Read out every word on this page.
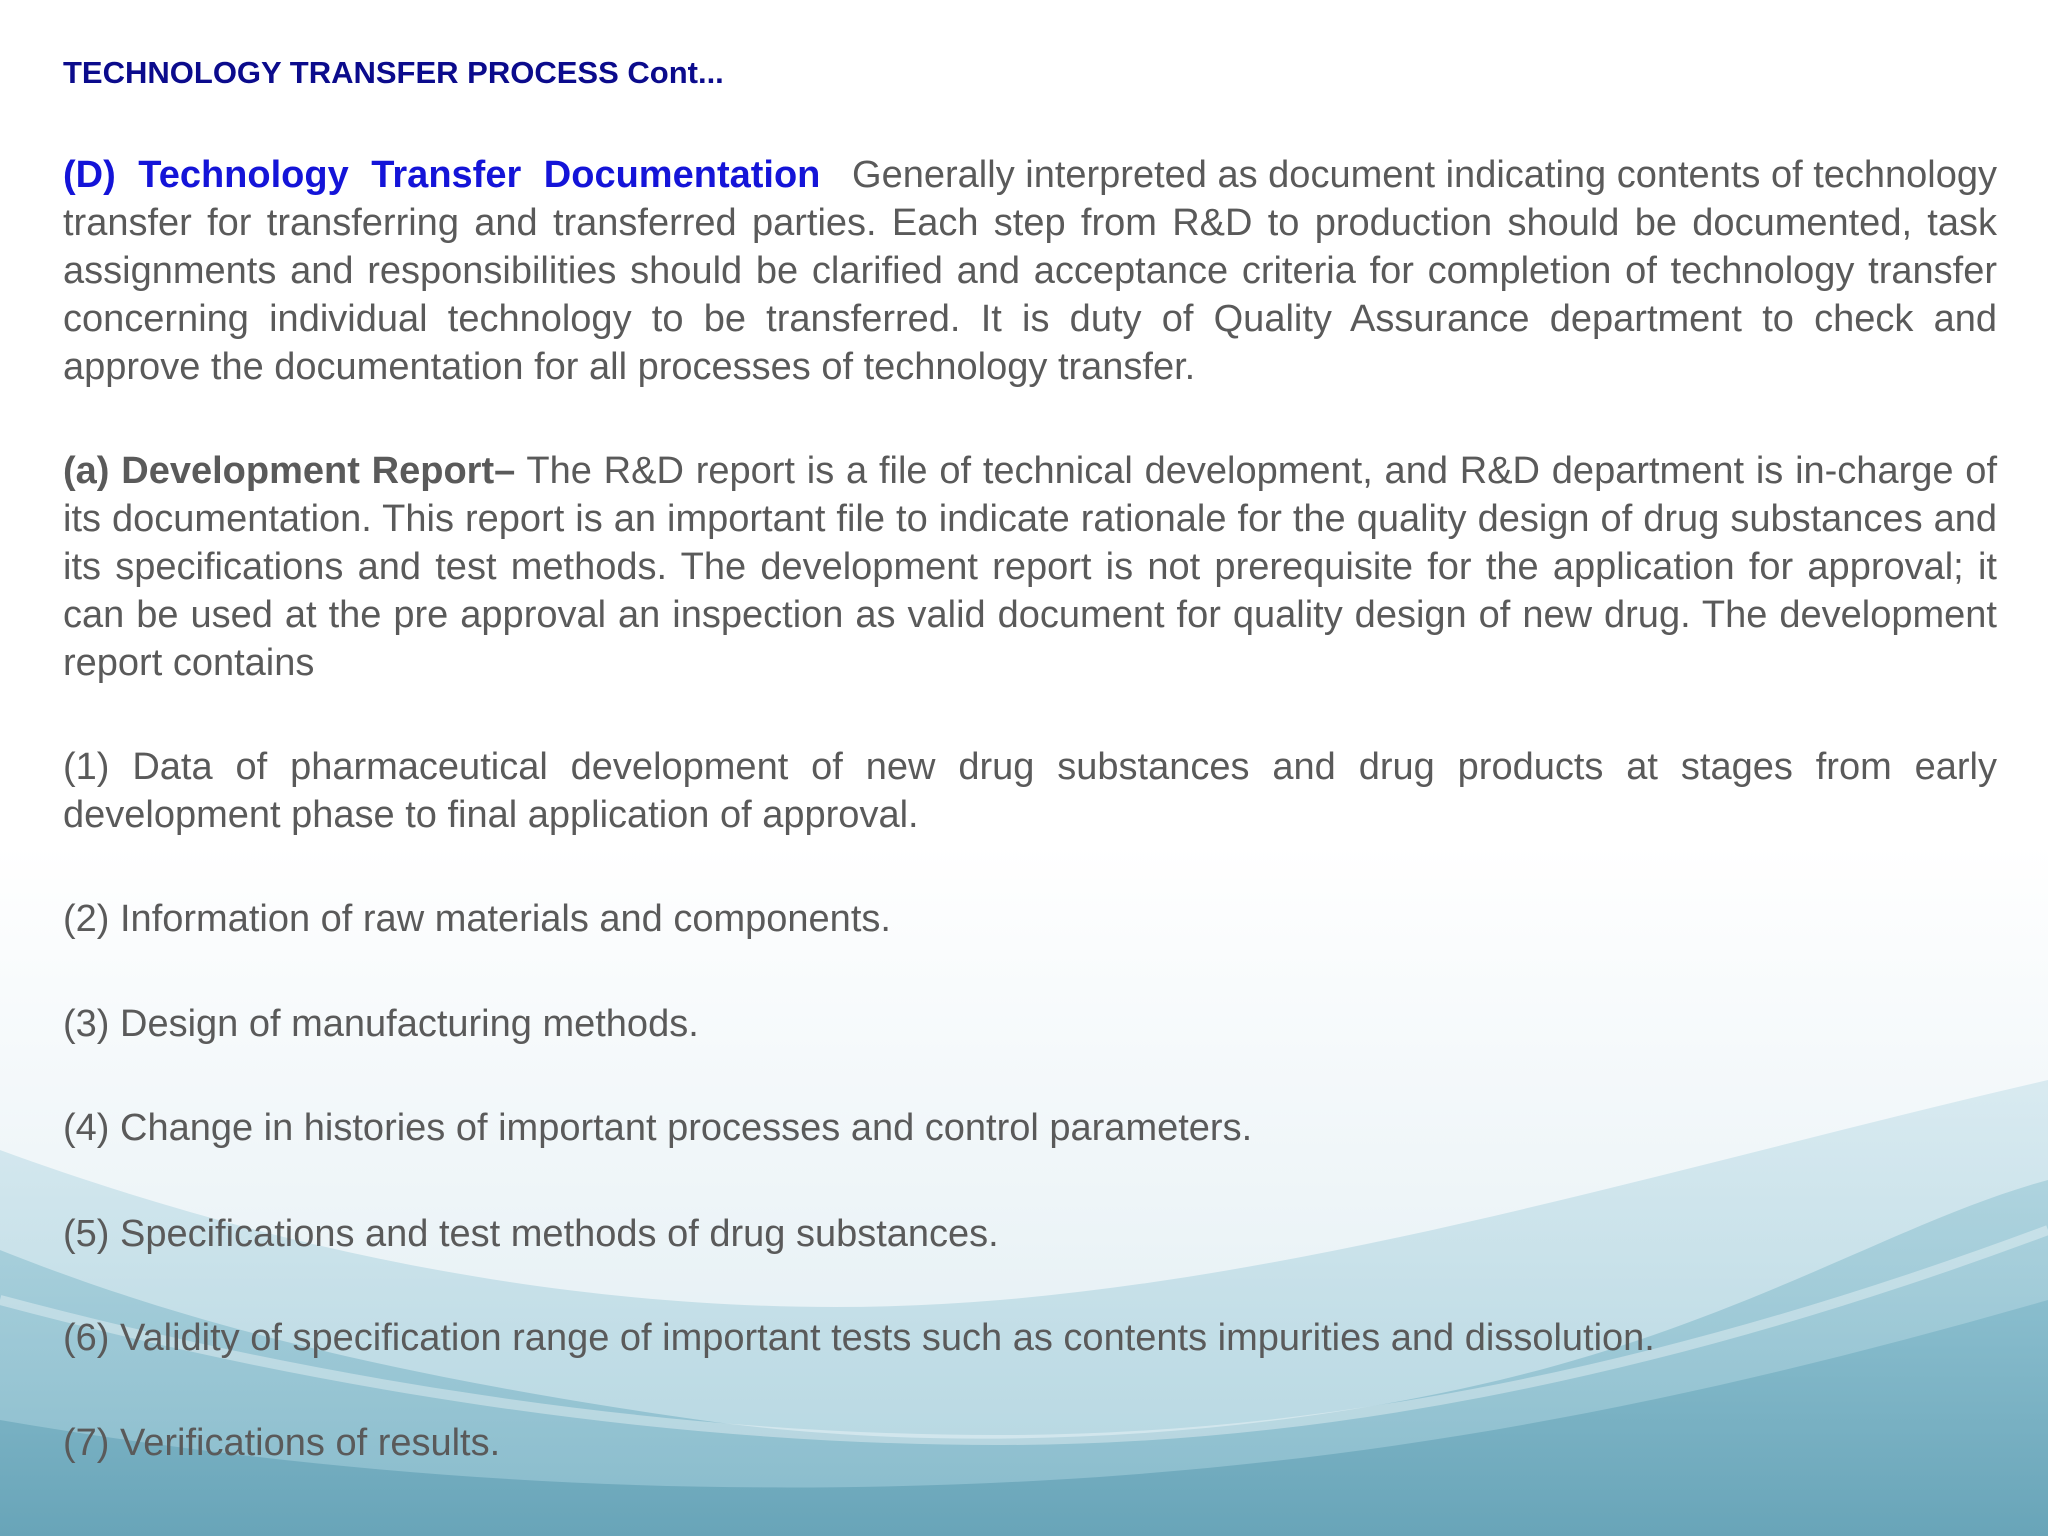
TECHNOLOGY TRANSFER PROCESS Cont...

(D) Technology Transfer Documentation   Generally interpreted as document indicating contents of technology transfer for transferring and transferred parties. Each step from R&D to production should be documented, task assignments and responsibilities should be clarified and acceptance criteria for completion of technology transfer concerning individual technology to be transferred. It is duty of Quality Assurance department to check and approve the documentation for all processes of technology transfer.

(a) Development Report– The R&D report is a file of technical development, and R&D department is in-charge of its documentation. This report is an important file to indicate rationale for the quality design of drug substances and its specifications and test methods. The development report is not prerequisite for the application for approval; it can be used at the pre approval an inspection as valid document for quality design of new drug. The development report contains

(1) Data of pharmaceutical development of new drug substances and drug products at stages from early development phase to final application of approval.

(2) Information of raw materials and components.

(3) Design of manufacturing methods.

(4) Change in histories of important processes and control parameters.

(5) Specifications and test methods of drug substances.

(6) Validity of specification range of important tests such as contents impurities and dissolution.

(7) Verifications of results.
